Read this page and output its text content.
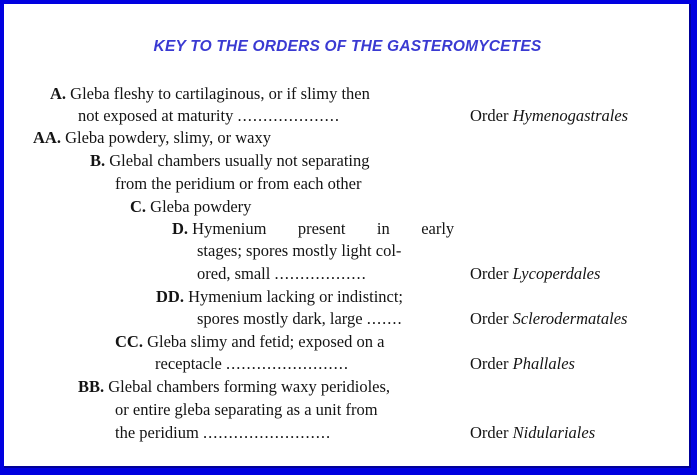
KEY TO THE ORDERS OF THE GASTEROMYCETES
A. Gleba fleshy to cartilaginous, or if slimy then
not exposed at maturity ....................	Order Hymenogastrales
AA. Gleba powdery, slimy, or waxy
B. Glebal chambers usually not separating
from the peridium or from each other
C. Gleba powdery
D. Hymenium present in early
stages; spores mostly light col-
ored, small ..................	Order Lycoperdales
DD. Hymenium lacking or indistinct;
spores mostly dark, large .......	Order Sclerodermatales
CC. Gleba slimy and fetid; exposed on a
receptacle ........................	Order Phallales
BB. Glebal chambers forming waxy peridioles,
or entire gleba separating as a unit from
the peridium .........................	Order Nidulariales
